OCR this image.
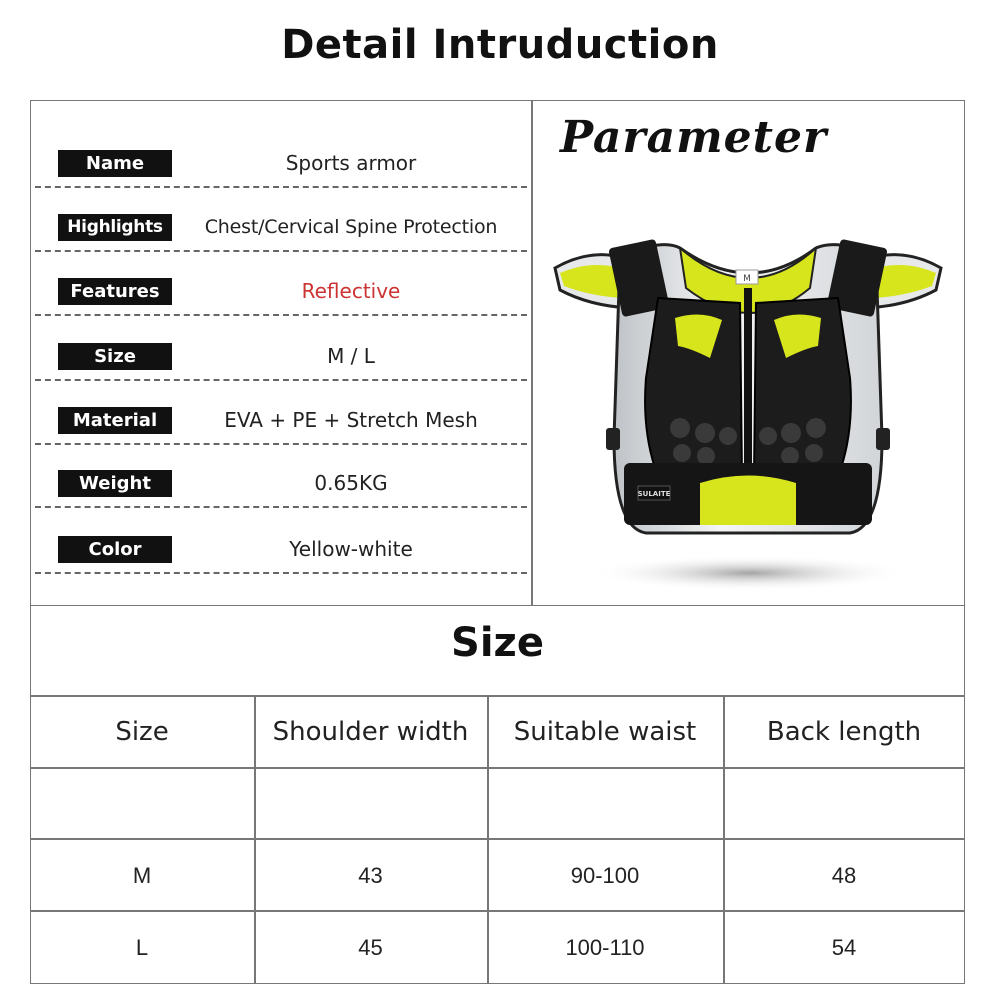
Detail Intruduction
Name	Sports armor
Highlights	Chest/Cervical Spine Protection
Features	Reflective
Size	M / L
Material	EVA + PE + Stretch Mesh
Weight	0.65KG
Color	Yellow-white
Parameter
M
SULAITE
Size
Size	Shoulder width	Suitable waist	Back length
M	43	90-100	48
L	45	100-110	54
